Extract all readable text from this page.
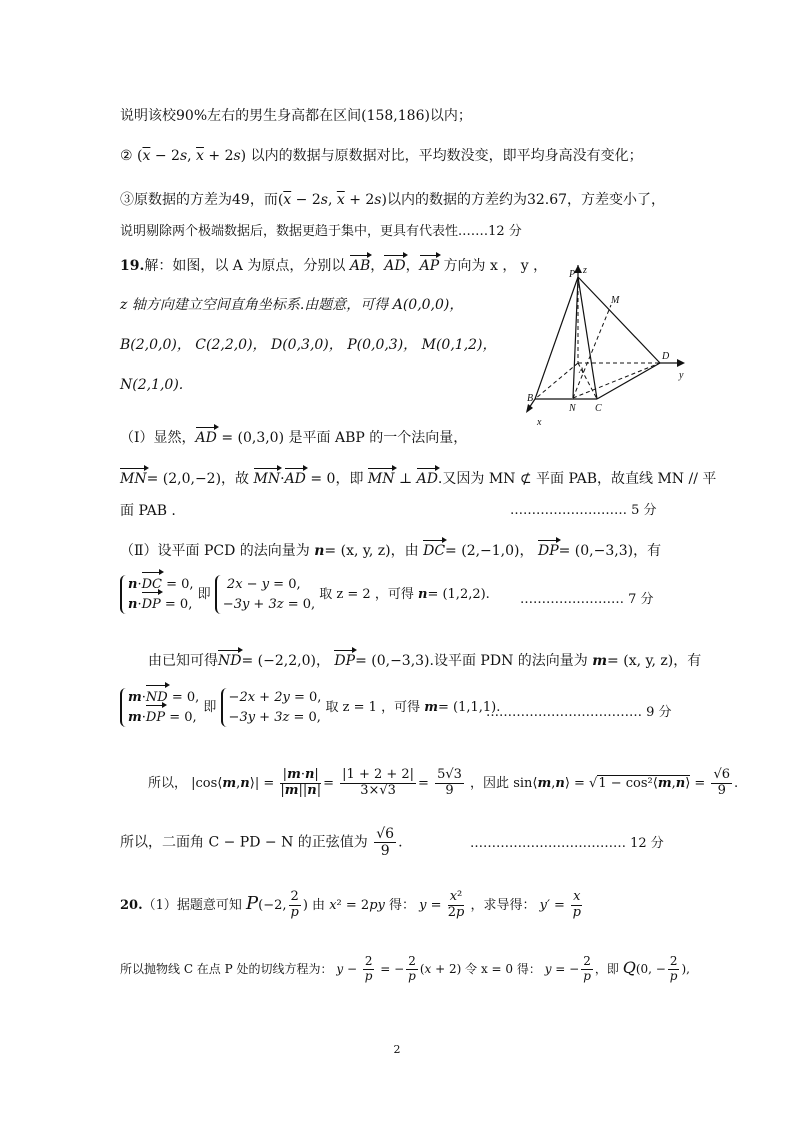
说明该校90%左右的男生身高都在区间(158,186)以内；
② ($\overline{x} - 2s$, $\overline{x} + 2s$) 以内的数据与原数据对比，平均数没变，即平均身高没有变化；
③原数据的方差为49，而($\overline{x} - 2s$, $\overline{x} + 2s$)以内的数据的方差约为32.67，方差变小了，
说明剔除两个极端数据后，数据更趋于集中，更具有代表性.……12 分
19.解：如图，以 A 为原点，分别以 AB，AD，AP 方向为 x ， y ，
z 轴方向建立空间直角坐标系.由题意，可得 A(0,0,0)，
B(2,0,0)， C(2,2,0)， D(0,3,0)， P(0,0,3)， M(0,1,2)，
N(2,1,0).
P z
M
D
y
B
N C
x
A
（Ⅰ）显然，AD = (0,3,0) 是平面 ABP 的一个法向量，
MN= (2,0,−2)，故 MN·AD = 0，即 MN ⊥ AD.又因为 MN ⊄ 平面 PAB，故直线 MN // 平
面 PAB .	……………………… 5 分
（Ⅱ）设平面 PCD 的法向量为 n= (x, y, z)，由 DC= (2,−1,0)， DP= (0,−3,3)，有
n·DC = 0,
n·DP = 0, 即  2x − y = 0,
−3y + 3z = 0, 取 z = 2 ，可得 n= (1,2,2). …………………… 7 分
由已知可得ND= (−2,2,0)， DP= (0,−3,3).设平面 PDN 的法向量为 m= (x, y, z)，有
m·ND = 0,
m·DP = 0, 即 −2x + 2y = 0,
−3y + 3z = 0, 取 z = 1 ，可得 m= (1,1,1).
……………………………… 9 分
所以， |cos⟨m,n⟩| = $\frac{|m\cdot n|}{|m||n|} = \frac{|1 + 2 + 2|}{3\times√3} = \frac{5√3}{9}$ ，因此 sin⟨m,n⟩ = √1 − cos²⟨m,n⟩ = $\frac{√6}{9}$ .
所以，二面角 C − PD − N 的正弦值为 $\frac{√6}{9}$ .	……………………………… 12 分
20.（1）据题意可知 P(−2, $\frac{2}{p}$ ) 由 x² = 2py 得： $y = \frac{\text{x²}}{2p}$ ，求导得： $y' = \frac{x}{p}$
所以抛物线 C 在点 P 处的切线方程为： $y - \frac{2}{p}$ = − $\frac{2}{p} (x + 2)$ 令 x = 0 得： y = − $\frac{2}{p}$ ，即 Q(0, − $\frac{2}{p}$ ),
2
